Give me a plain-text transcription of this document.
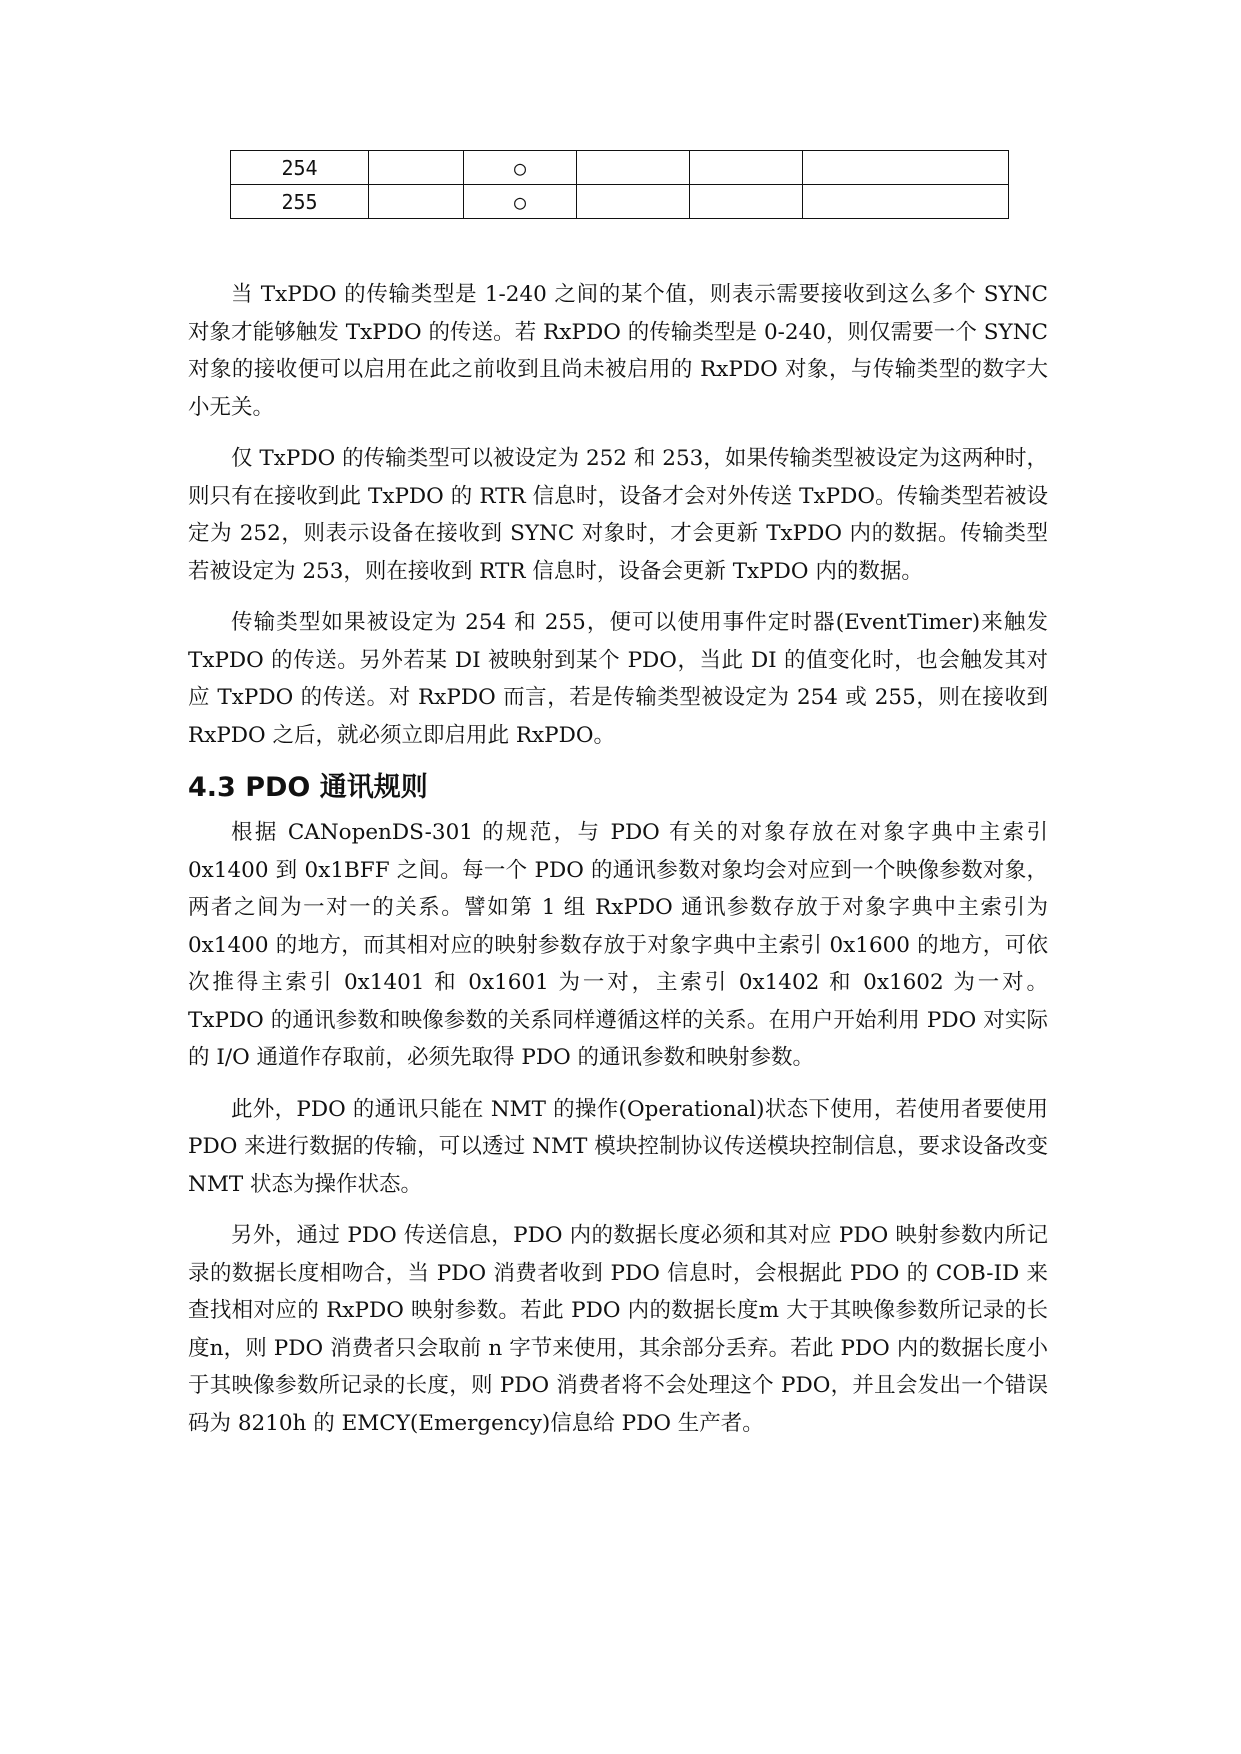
254		○			
255		○			

当 TxPDO 的传输类型是 1-240 之间的某个值，则表示需要接收到这么多个 SYNC 对象才能够触发 TxPDO 的传送。若 RxPDO 的传输类型是 0-240，则仅需要一个 SYNC 对象的接收便可以启用在此之前收到且尚未被启用的 RxPDO 对象，与传输类型的数字大小无关。

仅 TxPDO 的传输类型可以被设定为 252 和 253，如果传输类型被设定为这两种时，则只有在接收到此 TxPDO 的 RTR 信息时，设备才会对外传送 TxPDO。传输类型若被设定为 252，则表示设备在接收到 SYNC 对象时，才会更新 TxPDO 内的数据。传输类型若被设定为 253，则在接收到 RTR 信息时，设备会更新 TxPDO 内的数据。

传输类型如果被设定为 254 和 255，便可以使用事件定时器(EventTimer)来触发 TxPDO 的传送。另外若某 DI 被映射到某个 PDO，当此 DI 的值变化时，也会触发其对应 TxPDO 的传送。对 RxPDO 而言，若是传输类型被设定为 254 或 255，则在接收到 RxPDO 之后，就必须立即启用此 RxPDO。

4.3 PDO 通讯规则

根据 CANopenDS-301 的规范，与 PDO 有关的对象存放在对象字典中主索引 0x1400 到 0x1BFF 之间。每一个 PDO 的通讯参数对象均会对应到一个映像参数对象，两者之间为一对一的关系。譬如第 1 组 RxPDO 通讯参数存放于对象字典中主索引为 0x1400 的地方，而其相对应的映射参数存放于对象字典中主索引 0x1600 的地方，可依次推得主索引 0x1401 和 0x1601 为一对，主索引 0x1402 和 0x1602 为一对。TxPDO 的通讯参数和映像参数的关系同样遵循这样的关系。在用户开始利用 PDO 对实际的 I/O 通道作存取前，必须先取得 PDO 的通讯参数和映射参数。

此外，PDO 的通讯只能在 NMT 的操作(Operational)状态下使用，若使用者要使用 PDO 来进行数据的传输，可以透过 NMT 模块控制协议传送模块控制信息，要求设备改变 NMT 状态为操作状态。

另外，通过 PDO 传送信息，PDO 内的数据长度必须和其对应 PDO 映射参数内所记录的数据长度相吻合，当 PDO 消费者收到 PDO 信息时，会根据此 PDO 的 COB-ID 来查找相对应的 RxPDO 映射参数。若此 PDO 内的数据长度m 大于其映像参数所记录的长度n，则 PDO 消费者只会取前 n 字节来使用，其余部分丢弃。若此 PDO 内的数据长度小于其映像参数所记录的长度，则 PDO 消费者将不会处理这个 PDO，并且会发出一个错误码为 8210h 的 EMCY(Emergency)信息给 PDO 生产者。
